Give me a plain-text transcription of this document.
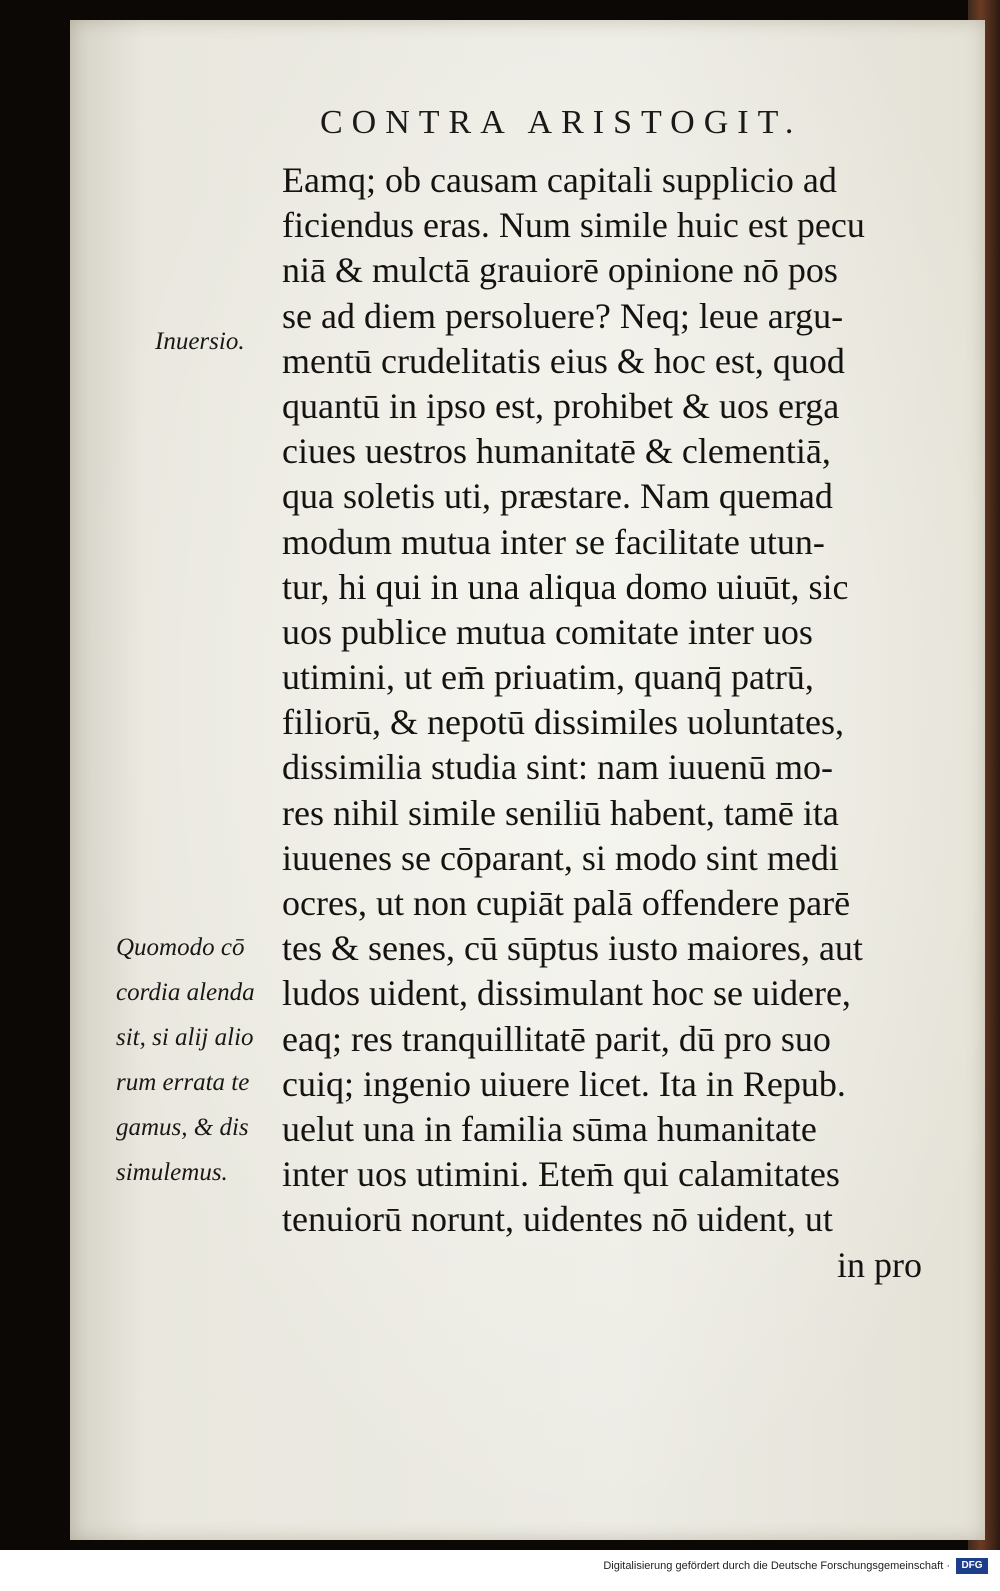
CONTRA ARISTOGIT.
Inuersio.
Quomodo cō
cordia alenda
sit, si alij alio
rum errata te
gamus, & dis
simulemus.
Eamq; ob causam capitali supplicio ad
ficiendus eras. Num simile huic est pecu
niā & mulctā grauiorē opinione nō pos
se ad diem persoluere? Neq; leue argu-
mentū crudelitatis eius & hoc est, quod
quantū in ipso est, prohibet & uos erga
ciues uestros humanitatē & clementiā,
qua soletis uti, præstare. Nam quemad
modum mutua inter se facilitate utun-
tur, hi qui in una aliqua domo uiuūt, sic
uos publice mutua comitate inter uos
utimini, ut em̄ priuatim, quanq̄ patrū,
filiorū, & nepotū dissimiles uoluntates,
dissimilia studia sint: nam iuuenū mo-
res nihil simile seniliū habent, tamē ita
iuuenes se cōparant, si modo sint medi
ocres, ut non cupiāt palā offendere parē
tes & senes, cū sūptus iusto maiores, aut
ludos uident, dissimulant hoc se uidere,
eaq; res tranquillitatē parit, dū pro suo
cuiq; ingenio uiuere licet. Ita in Repub.
uelut una in familia sūma humanitate
inter uos utimini. Etem̄ qui calamitates
tenuiorū norunt, uidentes nō uident, ut
in pro
Digitalisierung gefördert durch die Deutsche Forschungsgemeinschaft ·	DFG
